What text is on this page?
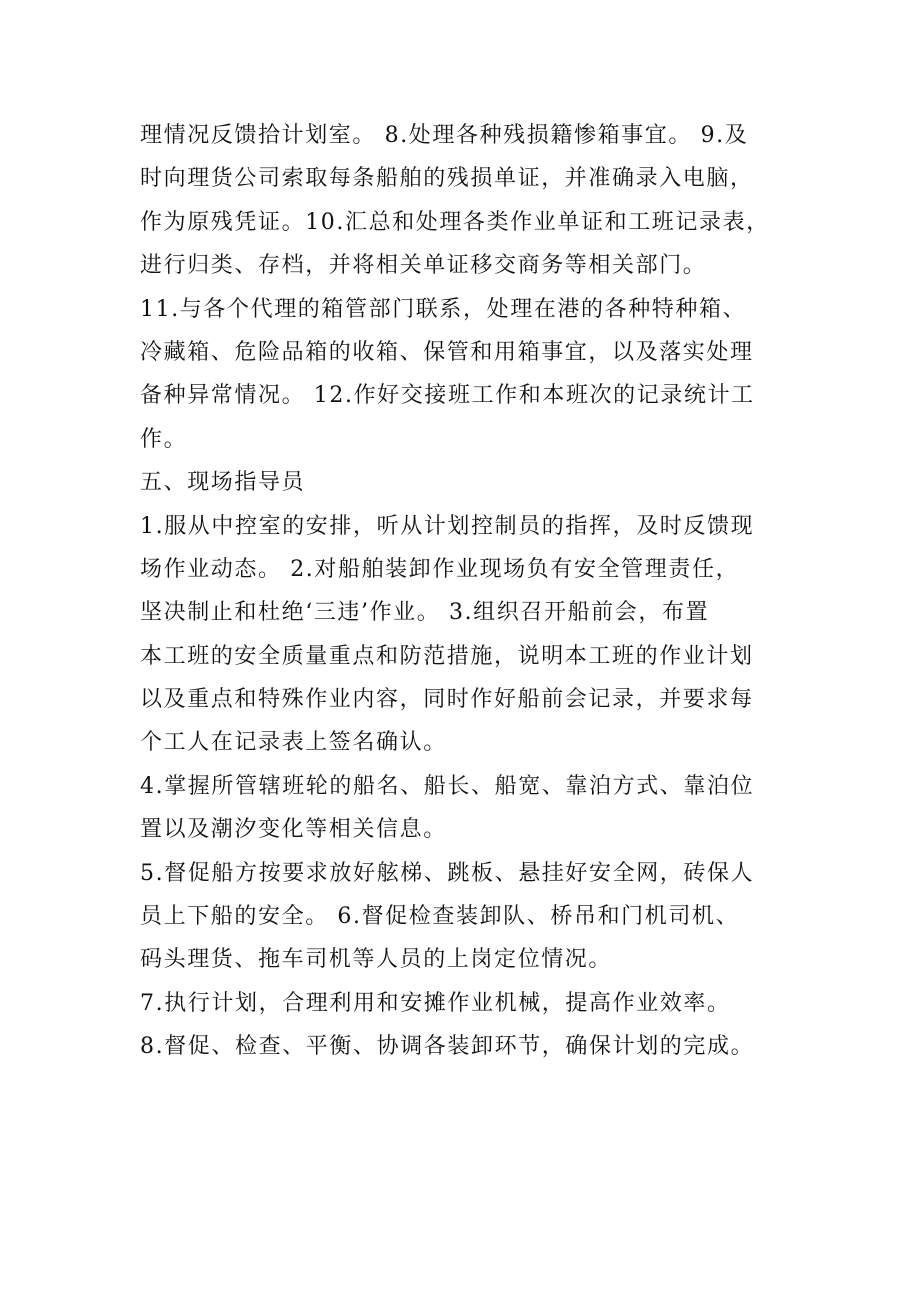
理情况反馈拾计划室。 8.处理各种残损籍惨箱事宜。 9.及
时向理货公司索取每条船舶的残损单证，并准确录入电脑，
作为原残凭证。10.汇总和处理各类作业单证和工班记录表，
进行归类、存档，并将相关单证移交商务等相关部门。
11.与各个代理的箱管部门联系，处理在港的各种特种箱、
冷藏箱、危险品箱的收箱、保管和用箱事宜，以及落实处理
备种异常情况。 12.作好交接班工作和本班次的记录统计工
作。
五、现场指导员
1.服从中控室的安排，听从计划控制员的指挥，及时反馈现
场作业动态。 2.对船舶装卸作业现场负有安全管理责任，
坚决制止和杜绝‘三违’作业。 3.组织召开船前会，布置
本工班的安全质量重点和防范措施，说明本工班的作业计划
以及重点和特殊作业内容，同时作好船前会记录，并要求每
个工人在记录表上签名确认。
4.掌握所管辖班轮的船名、船长、船宽、靠泊方式、靠泊位
置以及潮汐变化等相关信息。
5.督促船方按要求放好舷梯、跳板、悬挂好安全网，砖保人
员上下船的安全。 6.督促检查装卸队、桥吊和门机司机、
码头理货、拖车司机等人员的上岗定位情况。
7.执行计划，合理利用和安摊作业机械，提高作业效率。
8.督促、检查、平衡、协调各装卸环节，确保计划的完成。
